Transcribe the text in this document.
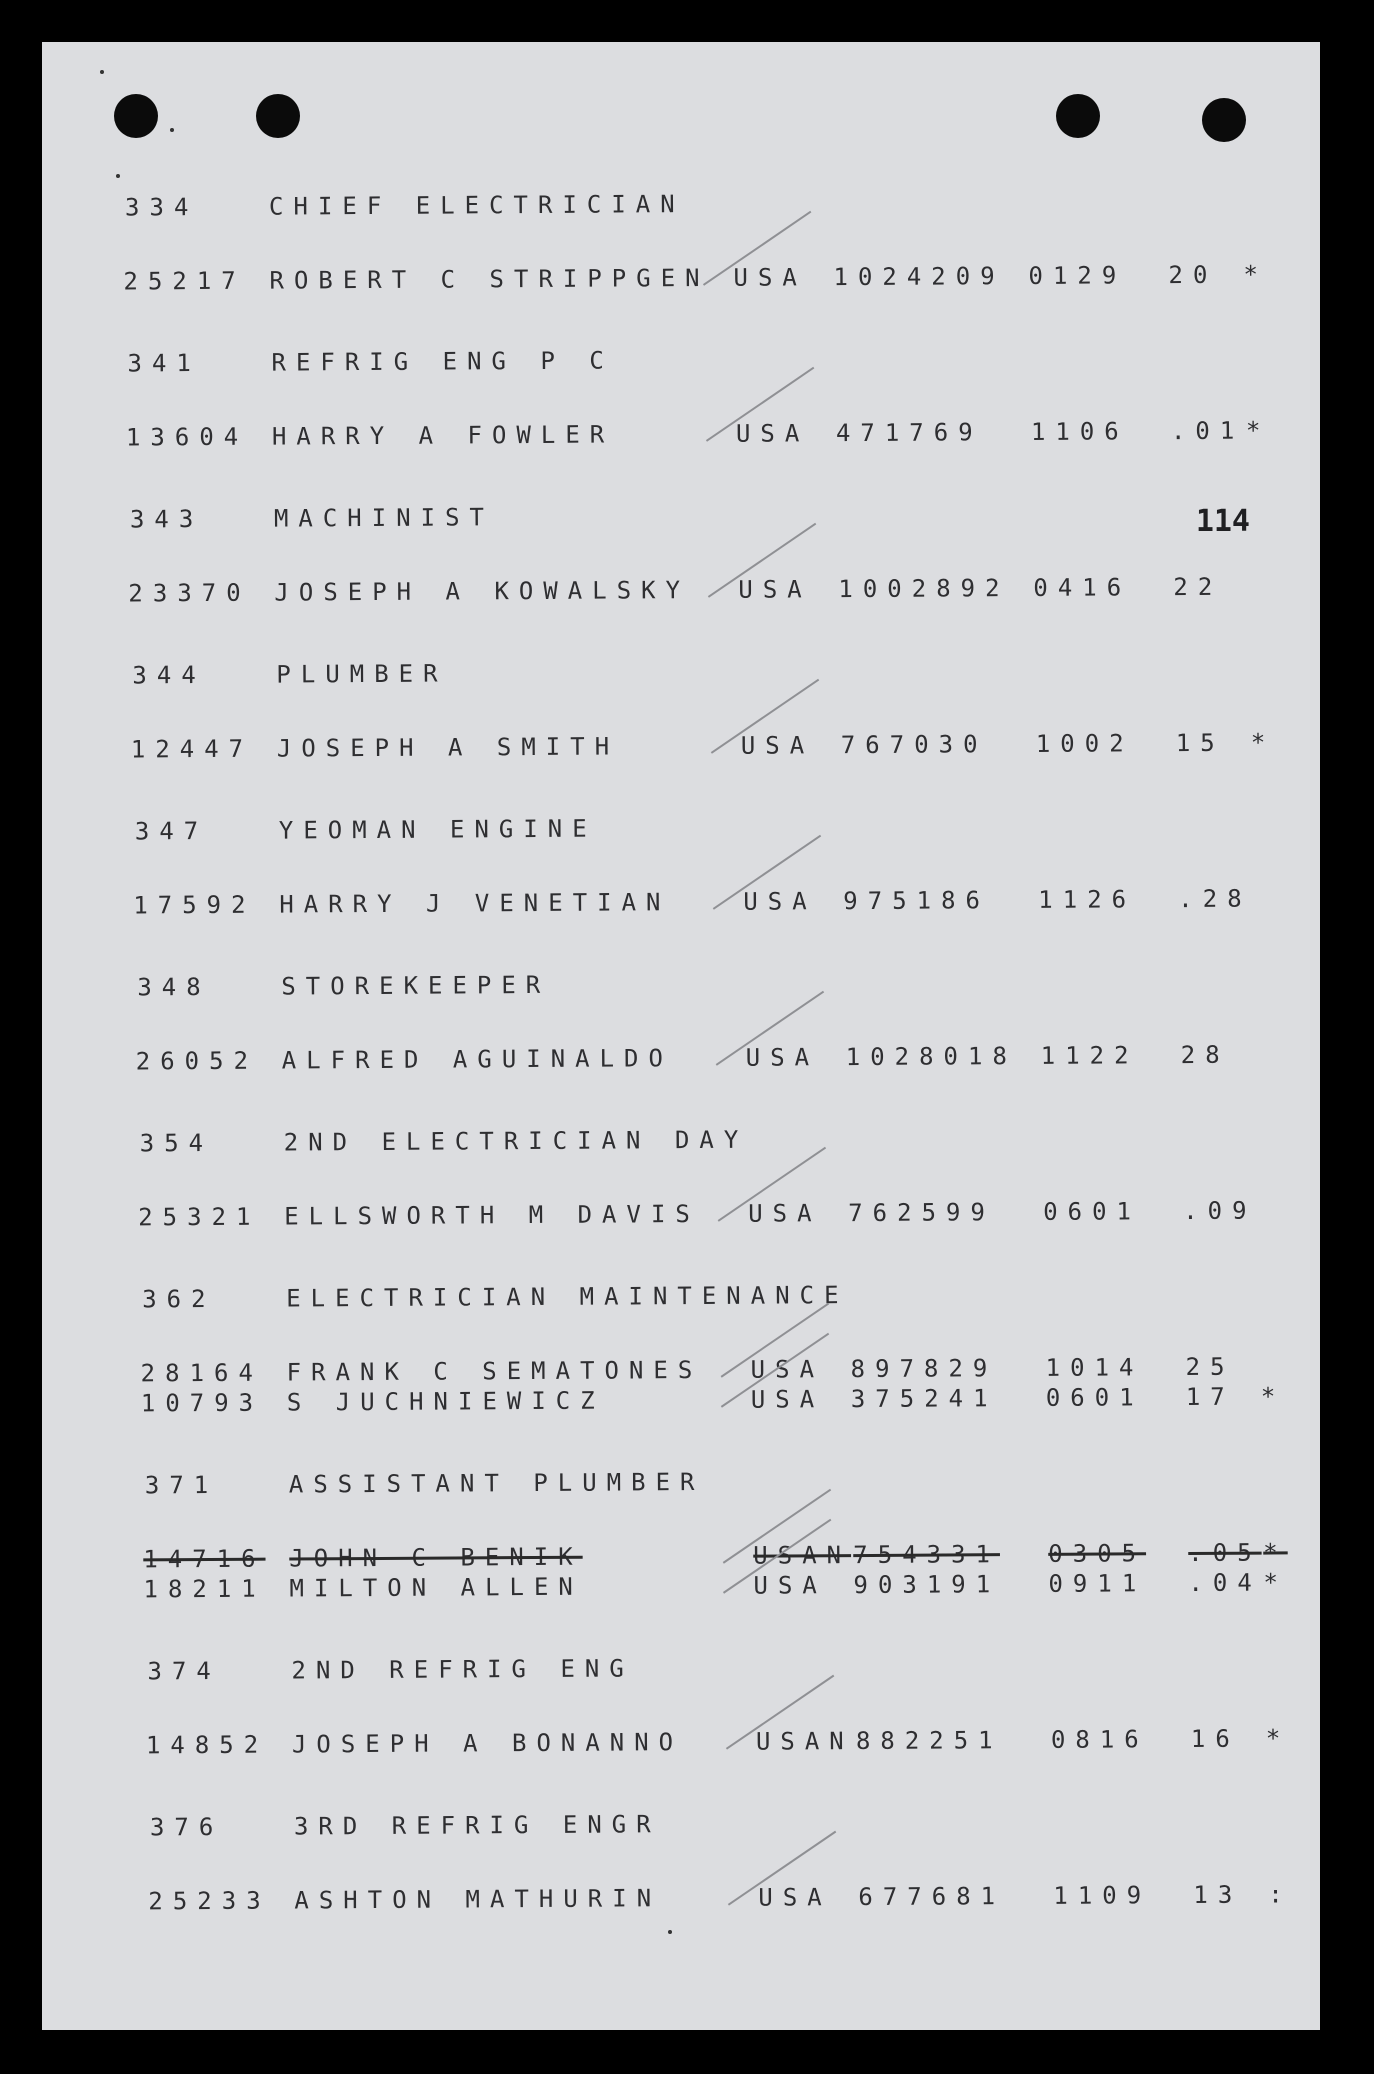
114
334	CHIEF ELECTRICIAN
25217 ROBERT C STRIPPGEN USA 1024209 0129 20 *
341	REFRIG ENG P C
13604 HARRY A FOWLER	USA 471769 1106 .01 *
343	MACHINIST
23370 JOSEPH A KOWALSKY USA 1002892 0416 22
344	PLUMBER
12447 JOSEPH A SMITH	USA 767030 1002 15 *
347	YEOMAN ENGINE
17592 HARRY J VENETIAN	USA 975186 1126 .28
348	STOREKEEPER
26052 ALFRED AGUINALDO	USA 1028018 1122 28
354	2ND ELECTRICIAN DAY
25321 ELLSWORTH M DAVIS USA 762599 0601 .09
362	ELECTRICIAN MAINTENANCE
28164 FRANK C SEMATONES USA 897829 1014 25
10793 S JUCHNIEWICZ	USA 375241 0601 17 *
371	ASSISTANT PLUMBER
14716 JOHN C BENIK	USAN 754331 0305 .05 *
18211 MILTON ALLEN	USA 903191 0911 .04 *
374	2ND REFRIG ENG
14852 JOSEPH A BONANNO	USAN 882251 0816 16 *
376	3RD REFRIG ENGR
25233 ASHTON MATHURIN	USA 677681 1109 13 :
